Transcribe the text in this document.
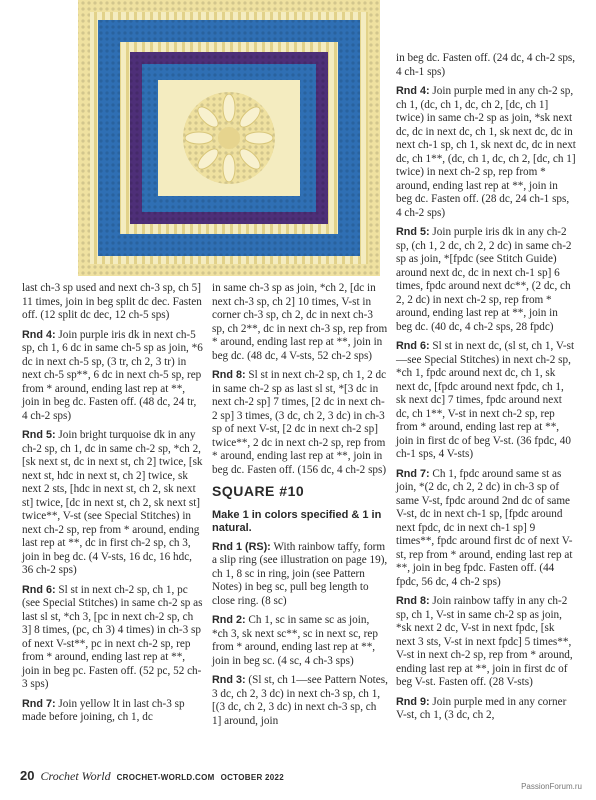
last ch-3 sp used and next ch-3 sp, ch 5] 11 times, join in beg split dc dec. Fasten off. (12 split dc dec, 12 ch-5 sps)

Rnd 4: Join purple iris dk in next ch-5 sp, ch 1, 6 dc in same ch-5 sp as join, *6 dc in next ch-5 sp, (3 tr, ch 2, 3 tr) in next ch-5 sp**, 6 dc in next ch-5 sp, rep from * around, ending last rep at **, join in beg dc. Fasten off. (48 dc, 24 tr, 4 ch-2 sps)

Rnd 5: Join bright turquoise dk in any ch-2 sp, ch 1, dc in same ch-2 sp, *ch 2, [sk next st, dc in next st, ch 2] twice, [sk next st, hdc in next st, ch 2] twice, sk next 2 sts, [hdc in next st, ch 2, sk next st] twice, [dc in next st, ch 2, sk next st] twice**, V-st (see Special Stitches) in next ch-2 sp, rep from * around, ending last rep at **, dc in first ch-2 sp, ch 3, join in beg dc. (4 V-sts, 16 dc, 16 hdc, 36 ch-2 sps)

Rnd 6: Sl st in next ch-2 sp, ch 1, pc (see Special Stitches) in same ch-2 sp as last sl st, *ch 3, [pc in next ch-2 sp, ch 3] 8 times, (pc, ch 3) 4 times) in ch-3 sp of next V-st**, pc in next ch-2 sp, rep from * around, ending last rep at **, join in beg pc. Fasten off. (52 pc, 52 ch-3 sps)

Rnd 7: Join yellow lt in last ch-3 sp made before joining, ch 1, dc

in same ch-3 sp as join, *ch 2, [dc in next ch-3 sp, ch 2] 10 times, V-st in corner ch-3 sp, ch 2, dc in next ch-3 sp, ch 2**, dc in next ch-3 sp, rep from * around, ending last rep at **, join in beg dc. (48 dc, 4 V-sts, 52 ch-2 sps)

Rnd 8: Sl st in next ch-2 sp, ch 1, 2 dc in same ch-2 sp as last sl st, *[3 dc in next ch-2 sp] 7 times, [2 dc in next ch-2 sp] 3 times, (3 dc, ch 2, 3 dc) in ch-3 sp of next V-st, [2 dc in next ch-2 sp] twice**, 2 dc in next ch-2 sp, rep from * around, ending last rep at **, join in beg dc. Fasten off. (156 dc, 4 ch-2 sps)

SQUARE #10
Make 1 in colors specified & 1 in natural.

Rnd 1 (RS): With rainbow taffy, form a slip ring (see illustration on page 19), ch 1, 8 sc in ring, join (see Pattern Notes) in beg sc, pull beg length to close ring. (8 sc)

Rnd 2: Ch 1, sc in same sc as join, *ch 3, sk next sc**, sc in next sc, rep from * around, ending last rep at **, join in beg sc. (4 sc, 4 ch-3 sps)

Rnd 3: (Sl st, ch 1—see Pattern Notes, 3 dc, ch 2, 3 dc) in next ch-3 sp, ch 1, [(3 dc, ch 2, 3 dc) in next ch-3 sp, ch 1] around, join

in beg dc. Fasten off. (24 dc, 4 ch-2 sps, 4 ch-1 sps)

Rnd 4: Join purple med in any ch-2 sp, ch 1, (dc, ch 1, dc, ch 2, [dc, ch 1] twice) in same ch-2 sp as join, *sk next dc, dc in next dc, ch 1, sk next dc, dc in next ch-1 sp, ch 1, sk next dc, dc in next dc, ch 1**, (dc, ch 1, dc, ch 2, [dc, ch 1] twice) in next ch-2 sp, rep from * around, ending last rep at **, join in beg dc. Fasten off. (28 dc, 24 ch-1 sps, 4 ch-2 sps)

Rnd 5: Join purple iris dk in any ch-2 sp, (ch 1, 2 dc, ch 2, 2 dc) in same ch-2 sp as join, *[fpdc (see Stitch Guide) around next dc, dc in next ch-1 sp] 6 times, fpdc around next dc**, (2 dc, ch 2, 2 dc) in next ch-2 sp, rep from * around, ending last rep at **, join in beg dc. (40 dc, 4 ch-2 sps, 28 fpdc)

Rnd 6: Sl st in next dc, (sl st, ch 1, V-st—see Special Stitches) in next ch-2 sp, *ch 1, fpdc around next dc, ch 1, sk next dc, [fpdc around next fpdc, ch 1, sk next dc] 7 times, fpdc around next dc, ch 1**, V-st in next ch-2 sp, rep from * around, ending last rep at **, join in first dc of beg V-st. (36 fpdc, 40 ch-1 sps, 4 V-sts)

Rnd 7: Ch 1, fpdc around same st as join, *(2 dc, ch 2, 2 dc) in ch-3 sp of same V-st, fpdc around 2nd dc of same V-st, dc in next ch-1 sp, [fpdc around next fpdc, dc in next ch-1 sp] 9 times**, fpdc around first dc of next V-st, rep from * around, ending last rep at **, join in beg fpdc. Fasten off. (44 fpdc, 56 dc, 4 ch-2 sps)

Rnd 8: Join rainbow taffy in any ch-2 sp, ch 1, V-st in same ch-2 sp as join, *sk next 2 dc, V-st in next fpdc, [sk next 3 sts, V-st in next fpdc] 5 times**, V-st in next ch-2 sp, rep from * around, ending last rep at **, join in first dc of beg V-st. Fasten off. (28 V-sts)

Rnd 9: Join purple med in any corner V-st, ch 1, (3 dc, ch 2,

20 Crochet World CROCHET-WORLD.COM OCTOBER 2022
PassionForum.ru
